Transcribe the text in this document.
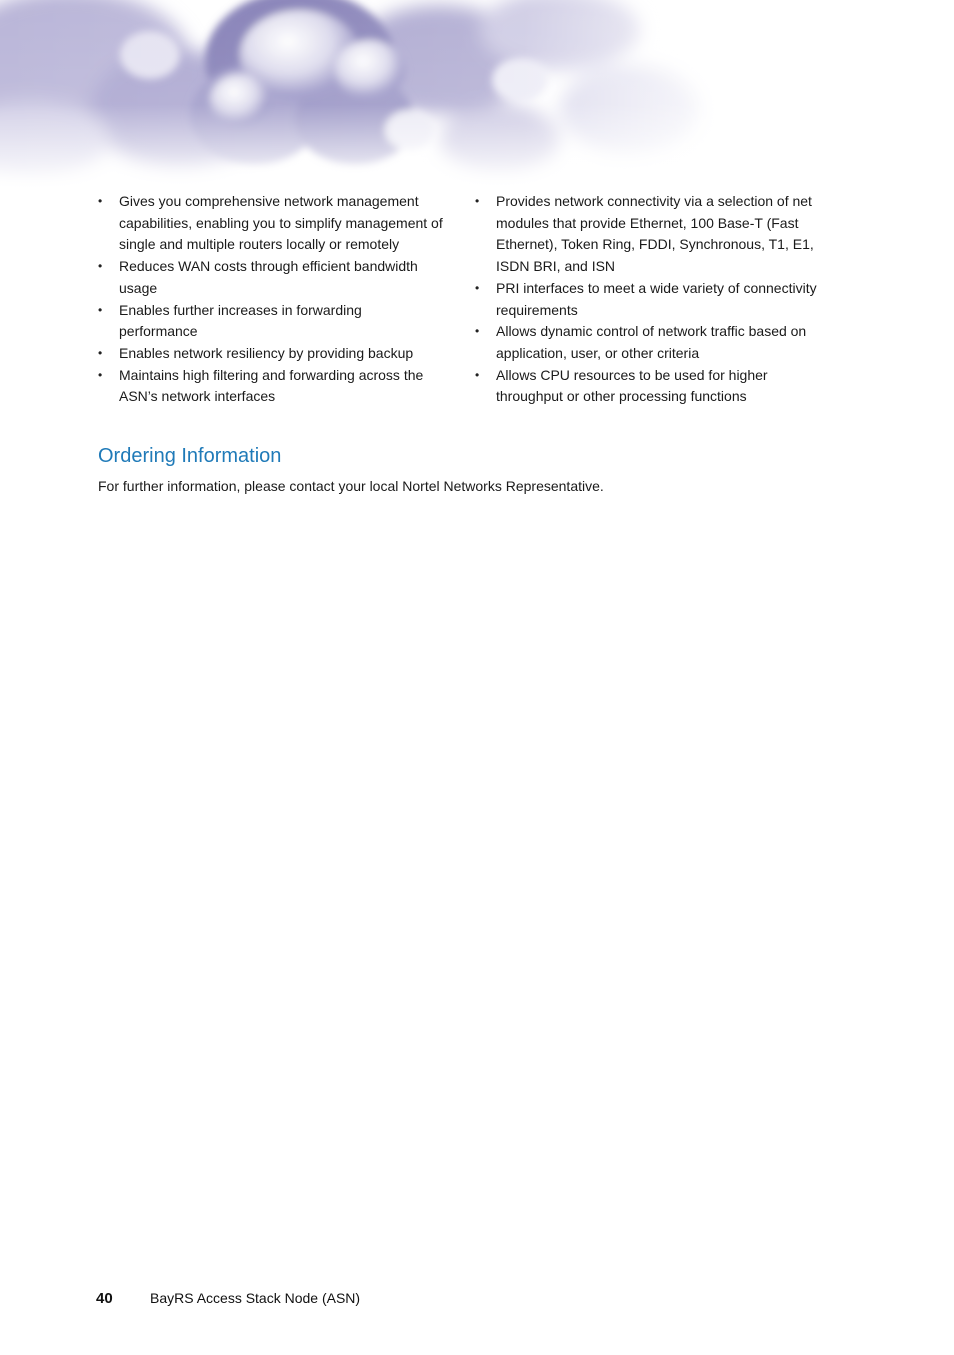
• Gives you comprehensive network management capabilities, enabling you to simplify management of single and multiple routers locally or remotely
• Reduces WAN costs through efficient bandwidth usage
• Enables further increases in forwarding performance
• Enables network resiliency by providing backup
• Maintains high filtering and forwarding across the ASN’s network interfaces
• Provides network connectivity via a selection of net modules that provide Ethernet, 100 Base-T (Fast Ethernet), Token Ring, FDDI, Synchronous, T1, E1, ISDN BRI, and ISN
• PRI interfaces to meet a wide variety of connectivity requirements
• Allows dynamic control of network traffic based on application, user, or other criteria
• Allows CPU resources to be used for higher throughput or other processing functions
Ordering Information

For further information, please contact your local Nortel Networks Representative.

40	BayRS Access Stack Node (ASN)
